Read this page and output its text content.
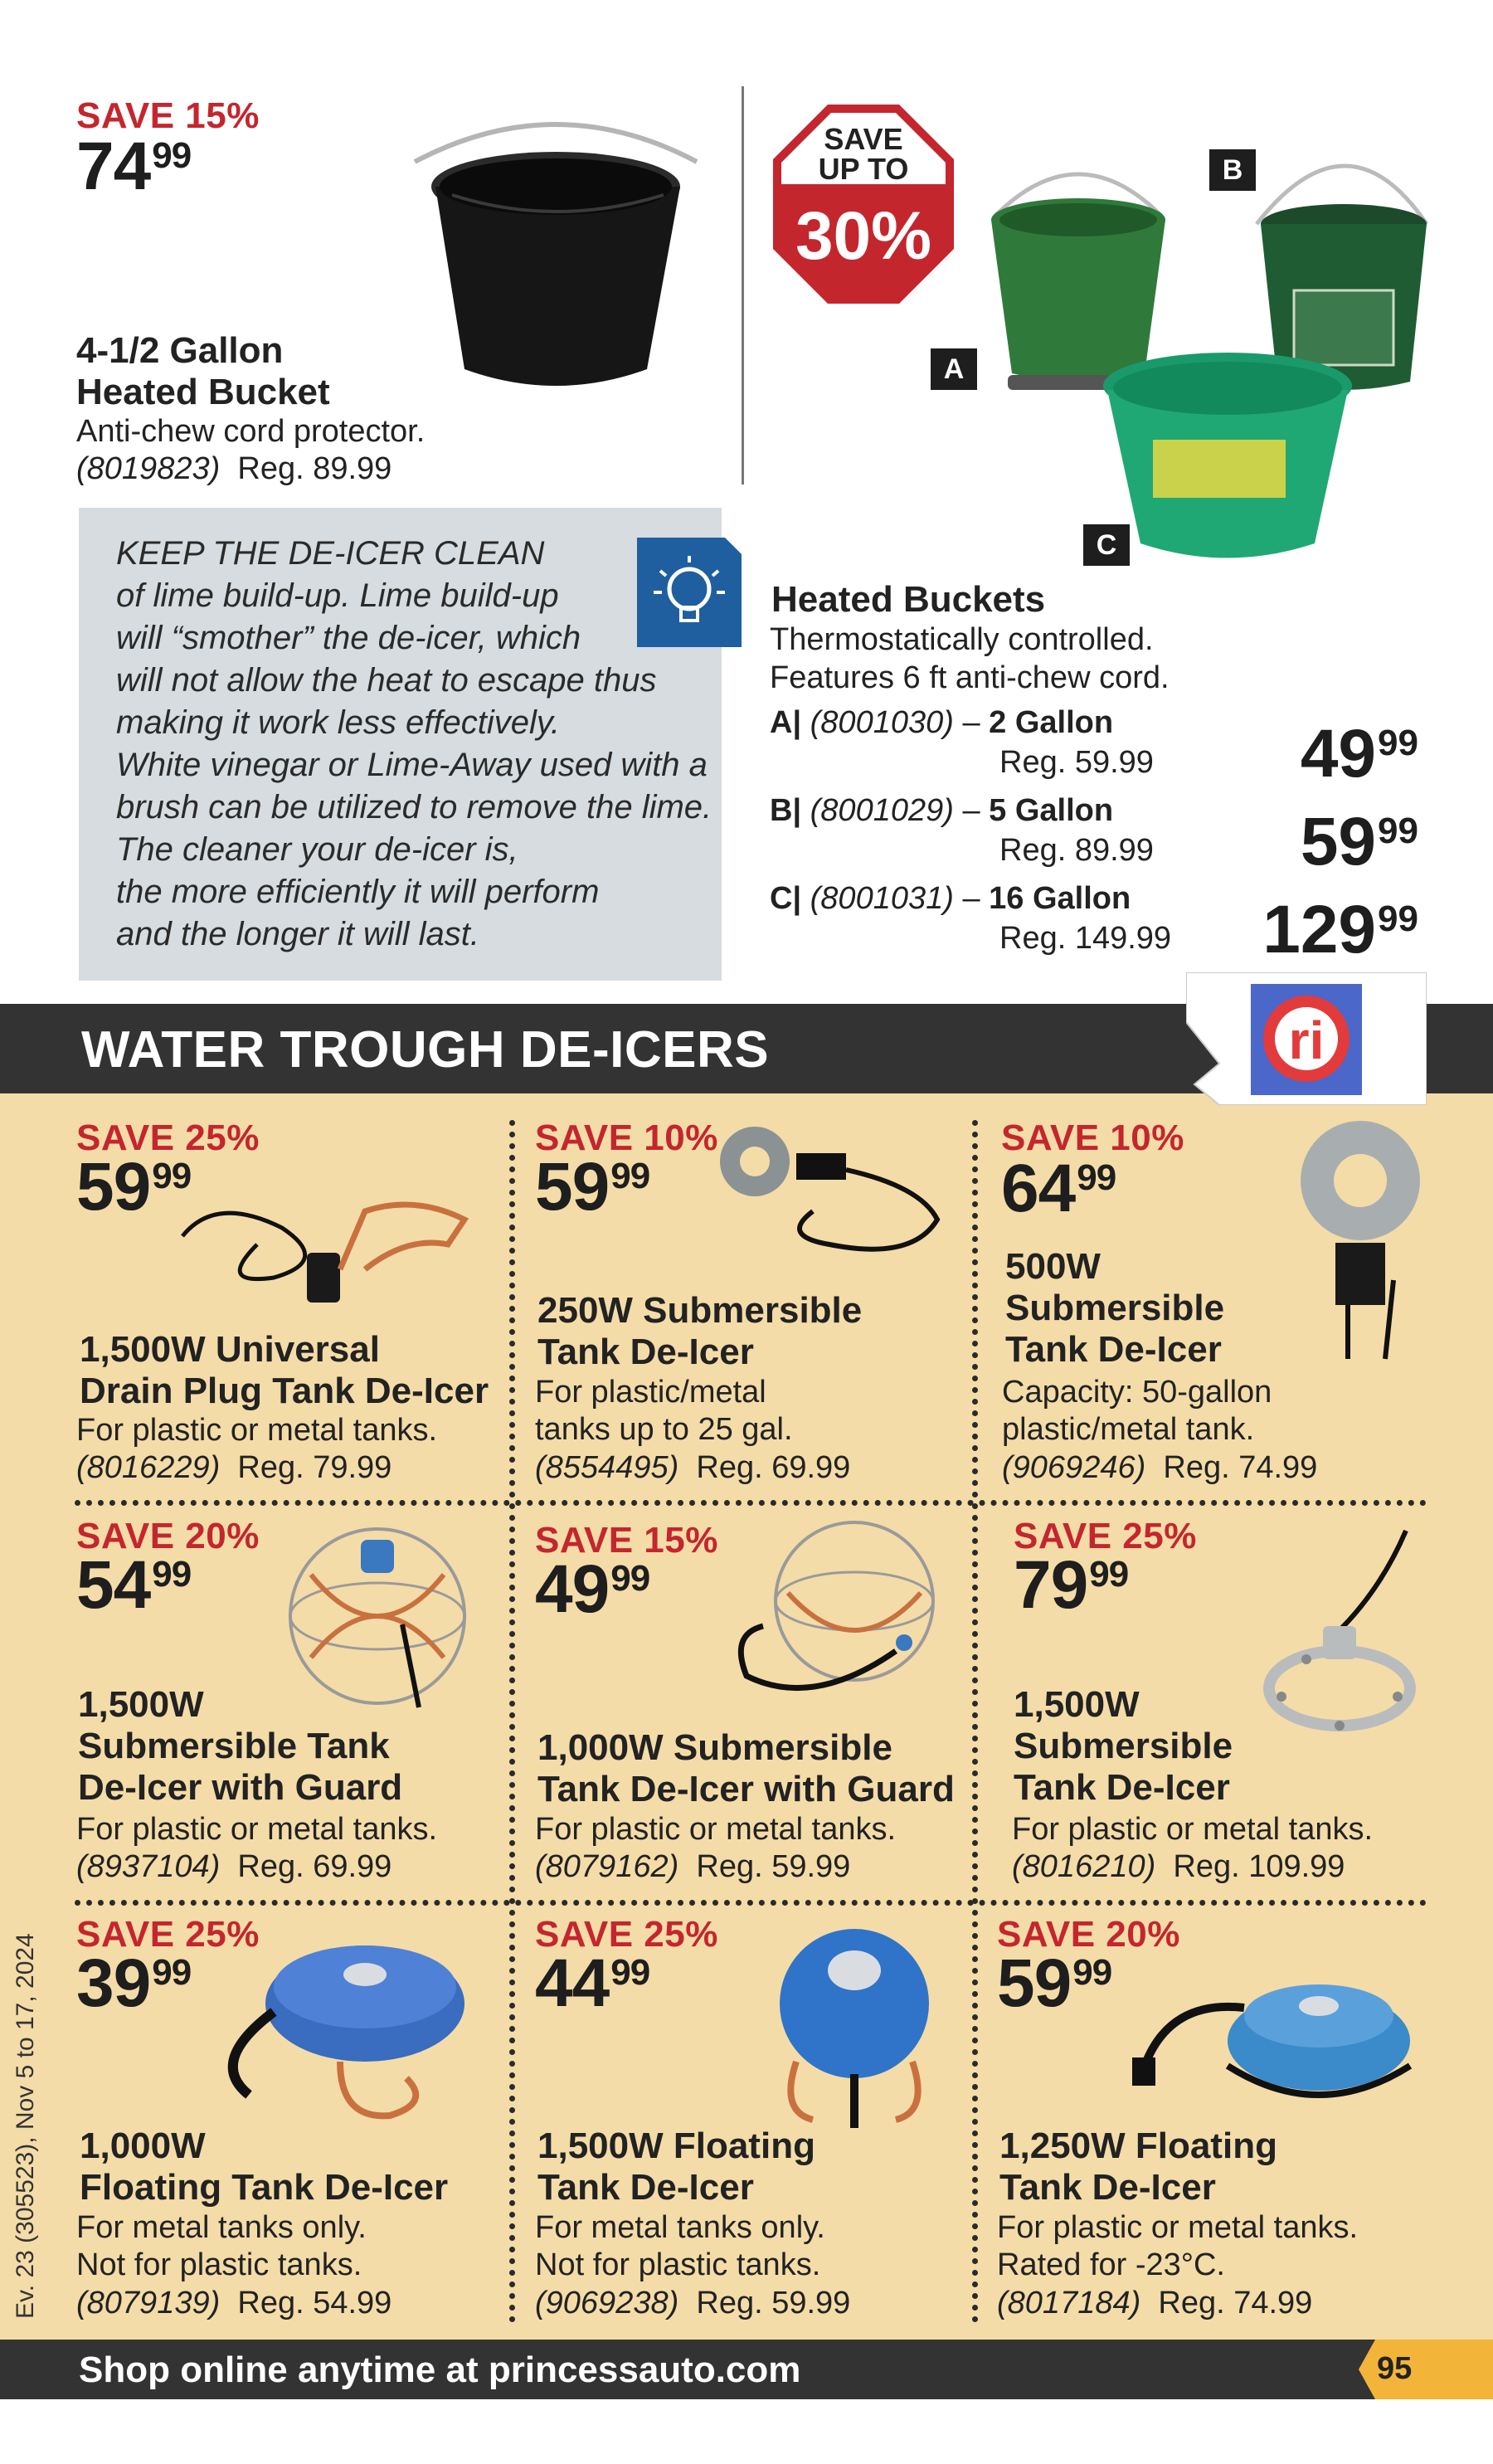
SAVE 15%
$74^{99}$
4-1/2 Gallon
Heated Bucket
Anti-chew cord protector.
(8019823) Reg. 89.99
KEEP THE DE-ICER CLEAN
of lime build-up. Lime build-up
will “smother” the de-icer, which
will not allow the heat to escape thus
making it work less effectively.
White vinegar or Lime-Away used with a
brush can be utilized to remove the lime.
The cleaner your de-icer is,
the more efficiently it will perform
and the longer it will last.
SAVE
UP TO
30%
B
A
C
Heated Buckets
Thermostatically controlled.
Features 6 ft anti-chew cord.
A| (8001030) – 2 Gallon
Reg. 59.99 $49^{99}$
B| (8001029) – 5 Gallon
Reg. 89.99 $59^{99}$
C| (8001031) – 16 Gallon
Reg. 149.99 $129^{99}$
WATER TROUGH DE-ICERS	ri
SAVE 25%
$59^{99}$
1,500W Universal
Drain Plug Tank De-Icer
For plastic or metal tanks.
(8016229) Reg. 79.99
SAVE 10%
$59^{99}$
250W Submersible
Tank De-Icer
For plastic/metal
tanks up to 25 gal.
(8554495) Reg. 69.99
SAVE 10%
$64^{99}$
500W
Submersible
Tank De-Icer
Capacity: 50-gallon
plastic/metal tank.
(9069246) Reg. 74.99
SAVE 20%
$54^{99}$
1,500W
Submersible Tank
De-Icer with Guard
For plastic or metal tanks.
(8937104) Reg. 69.99
SAVE 15%
$49^{99}$
1,000W Submersible
Tank De-Icer with Guard
For plastic or metal tanks.
(8079162) Reg. 59.99
SAVE 25%
$79^{99}$
1,500W
Submersible
Tank De-Icer
For plastic or metal tanks.
(8016210) Reg. 109.99
SAVE 25%
$39^{99}$
1,000W
Floating Tank De-Icer
For metal tanks only.
Not for plastic tanks.
(8079139) Reg. 54.99
SAVE 25%
$44^{99}$
1,500W Floating
Tank De-Icer
For metal tanks only.
Not for plastic tanks.
(9069238) Reg. 59.99
SAVE 20%
$59^{99}$
1,250W Floating
Tank De-Icer
For plastic or metal tanks.
Rated for -23°C.
(8017184) Reg. 74.99
Ev. 23 (305523), Nov 5 to 17, 2024
Shop online anytime at princessauto.com	95
